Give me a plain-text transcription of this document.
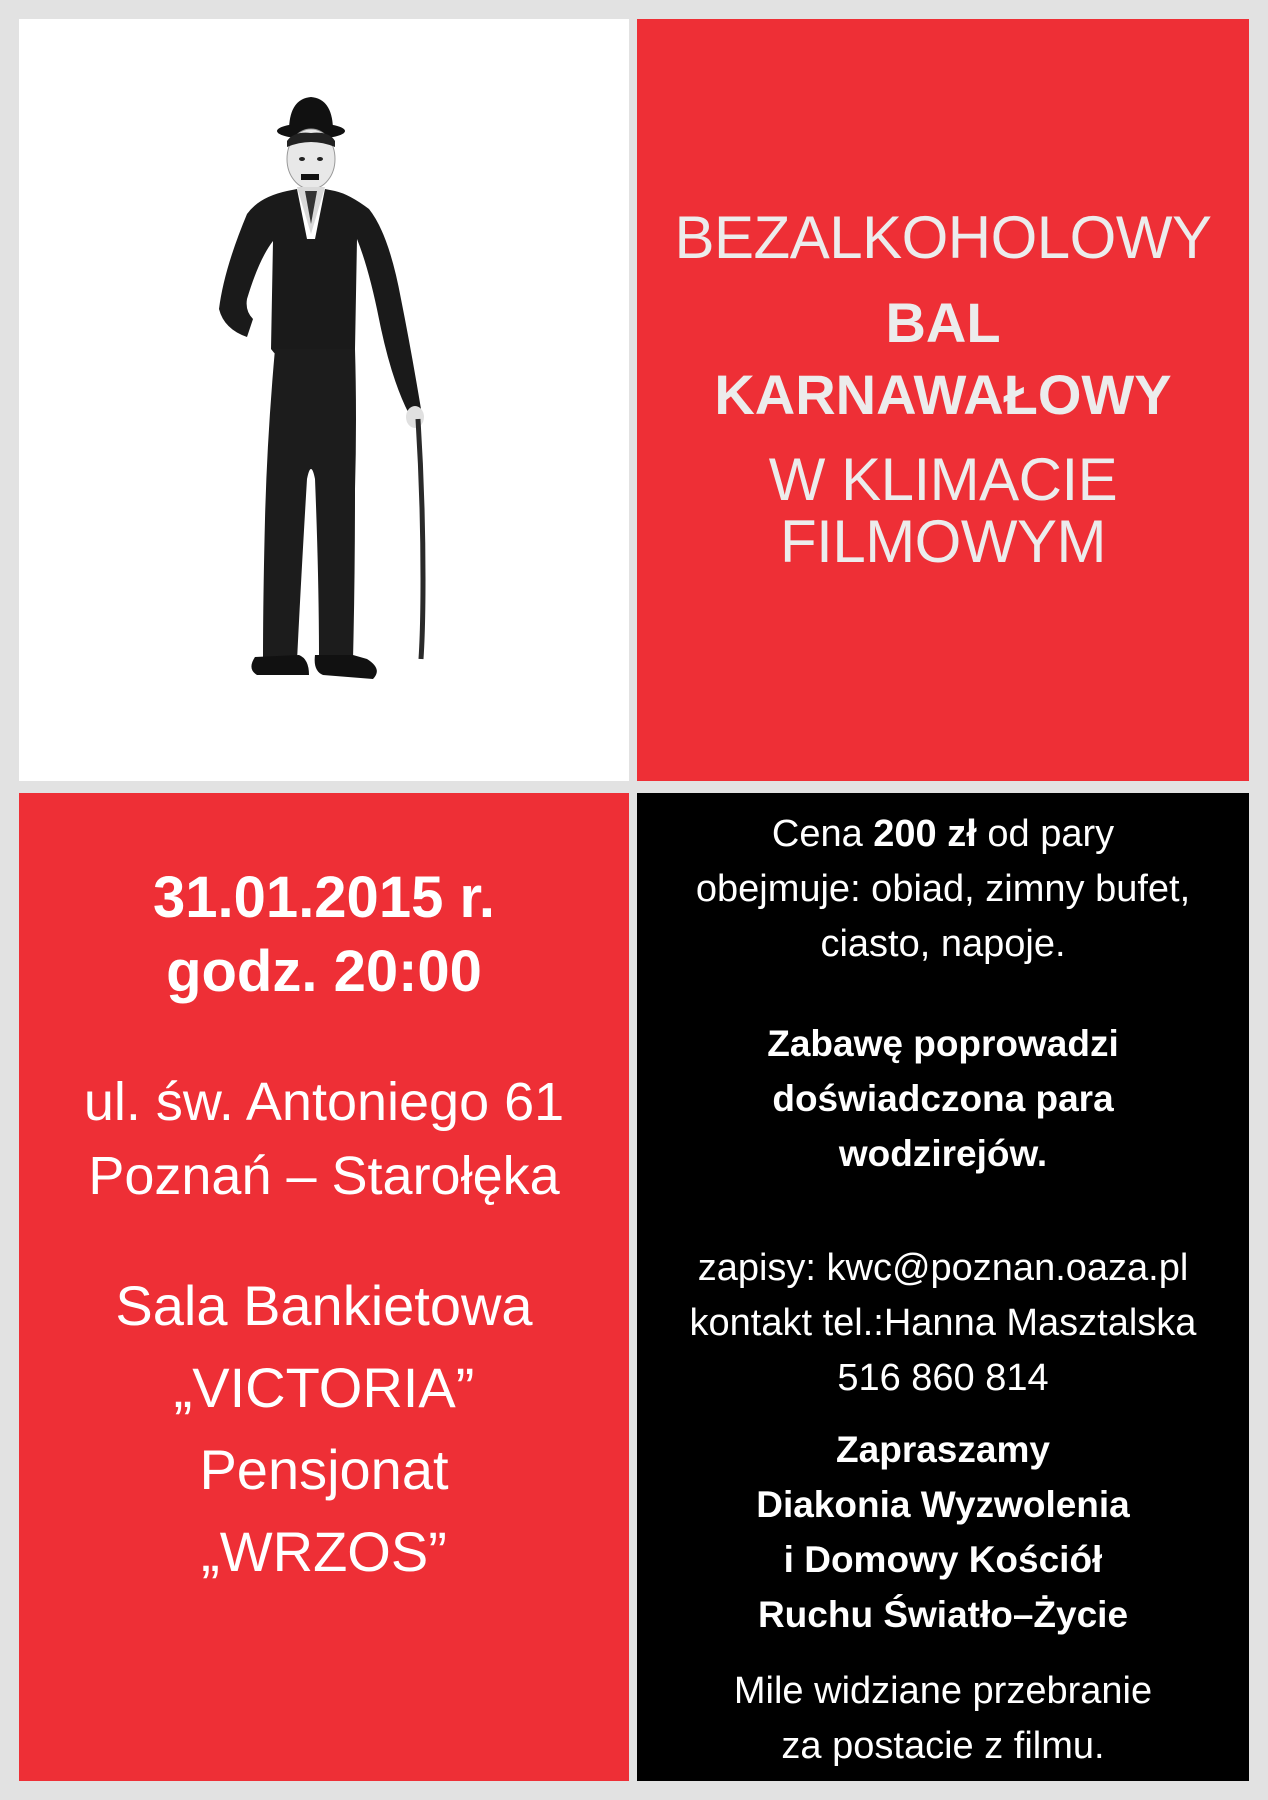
BEZALKOHOLOWY
BAL
KARNAWAŁOWY
W KLIMACIE
FILMOWYM
31.01.2015 r.
godz. 20:00
ul. św. Antoniego 61
Poznań – Starołęka
Sala Bankietowa
„VICTORIA”
Pensjonat
„WRZOS”
Cena 200 zł od pary
obejmuje: obiad, zimny bufet,
ciasto, napoje.
Zabawę poprowadzi
doświadczona para
wodzirejów.
zapisy: kwc@poznan.oaza.pl
kontakt tel.:Hanna Masztalska
516 860 814
Zapraszamy
Diakonia Wyzwolenia
i Domowy Kościół
Ruchu Światło–Życie
Mile widziane przebranie
za postacie z filmu.
